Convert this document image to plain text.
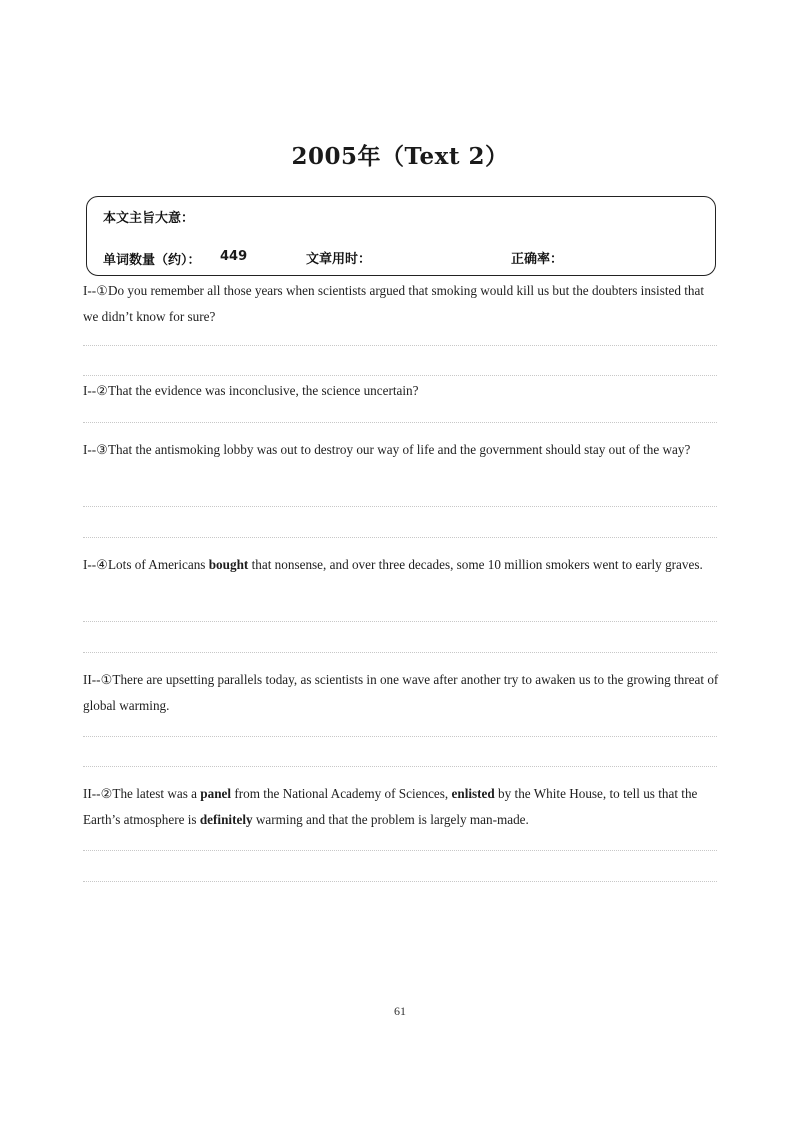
2005年（Text 2）
本文主旨大意：
单词数量（约）： 449	文章用时：	正确率：
I--①Do you remember all those years when scientists argued that smoking would kill us but the doubters insisted that we didn’t know for sure?
I--②That the evidence was inconclusive, the science uncertain?
I--③That the antismoking lobby was out to destroy our way of life and the government should stay out of the way?
I--④Lots of Americans bought that nonsense, and over three decades, some 10 million smokers went to early graves.
II--①There are upsetting parallels today, as scientists in one wave after another try to awaken us to the growing threat of global warming.
II--②The latest was a panel from the National Academy of Sciences, enlisted by the White House, to tell us that the Earth’s atmosphere is definitely warming and that the problem is largely man-made.
61
